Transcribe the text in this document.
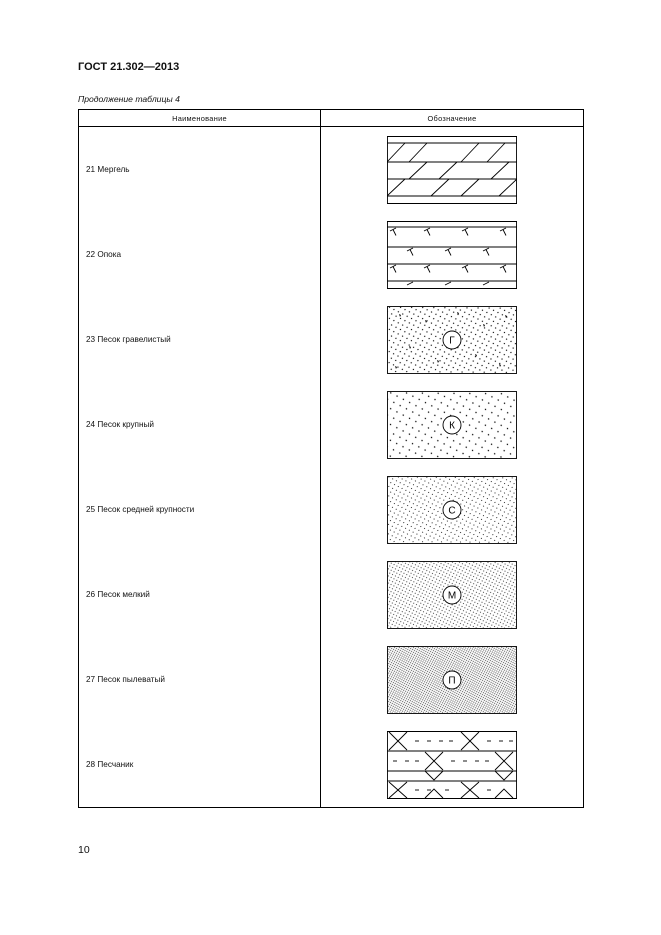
ГОСТ 21.302—2013
Продолжение таблицы 4
Наименование	Обозначение
21 Мергель	

22 Опока	

23 Песок гравелистый	Г

24 Песок крупный	К

25 Песок средней крупности	С

26 Песок мелкий	М

27 Песок пылеватый	П

28 Песчаник	
10
